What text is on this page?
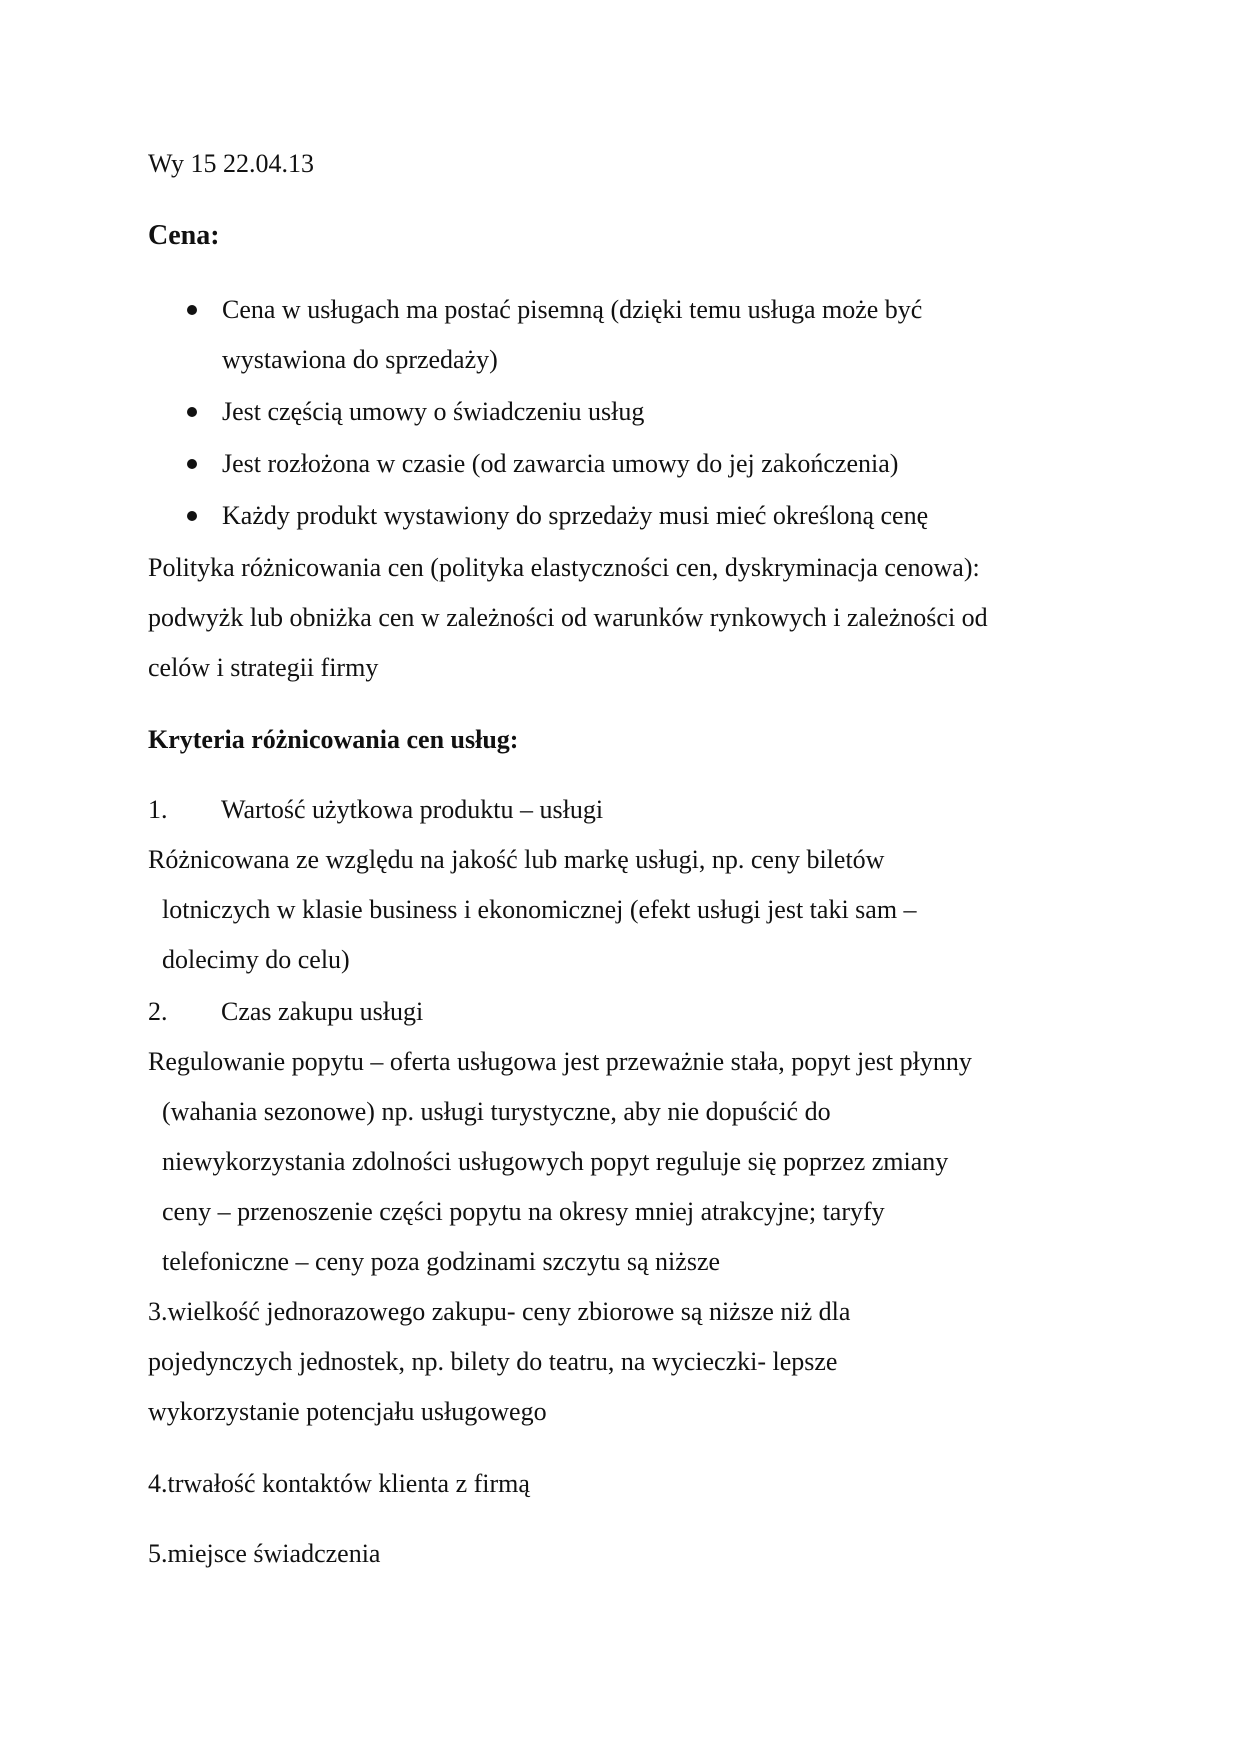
Wy 15 22.04.13
Cena:
Cena w usługach ma postać pisemną (dzięki temu usługa może być
wystawiona do sprzedaży)
Jest częścią umowy o świadczeniu usług
Jest rozłożona w czasie (od zawarcia umowy do jej zakończenia)
Każdy produkt wystawiony do sprzedaży musi mieć określoną cenę
Polityka różnicowania cen (polityka elastyczności cen, dyskryminacja cenowa):
podwyżk lub obniżka cen w zależności od warunków rynkowych i zależności od
celów i strategii firmy
Kryteria różnicowania cen usług:
1. Wartość użytkowa produktu – usługi
Różnicowana ze względu na jakość lub markę usługi, np. ceny biletów
lotniczych w klasie business i ekonomicznej (efekt usługi jest taki sam –
dolecimy do celu)
2. Czas zakupu usługi
Regulowanie popytu – oferta usługowa jest przeważnie stała, popyt jest płynny
(wahania sezonowe) np. usługi turystyczne, aby nie dopuścić do
niewykorzystania zdolności usługowych popyt reguluje się poprzez zmiany
ceny – przenoszenie części popytu na okresy mniej atrakcyjne; taryfy
telefoniczne – ceny poza godzinami szczytu są niższe
3.wielkość jednorazowego zakupu- ceny zbiorowe są niższe niż dla
pojedynczych jednostek, np. bilety do teatru, na wycieczki- lepsze
wykorzystanie potencjału usługowego
4.trwałość kontaktów klienta z firmą
5.miejsce świadczenia
